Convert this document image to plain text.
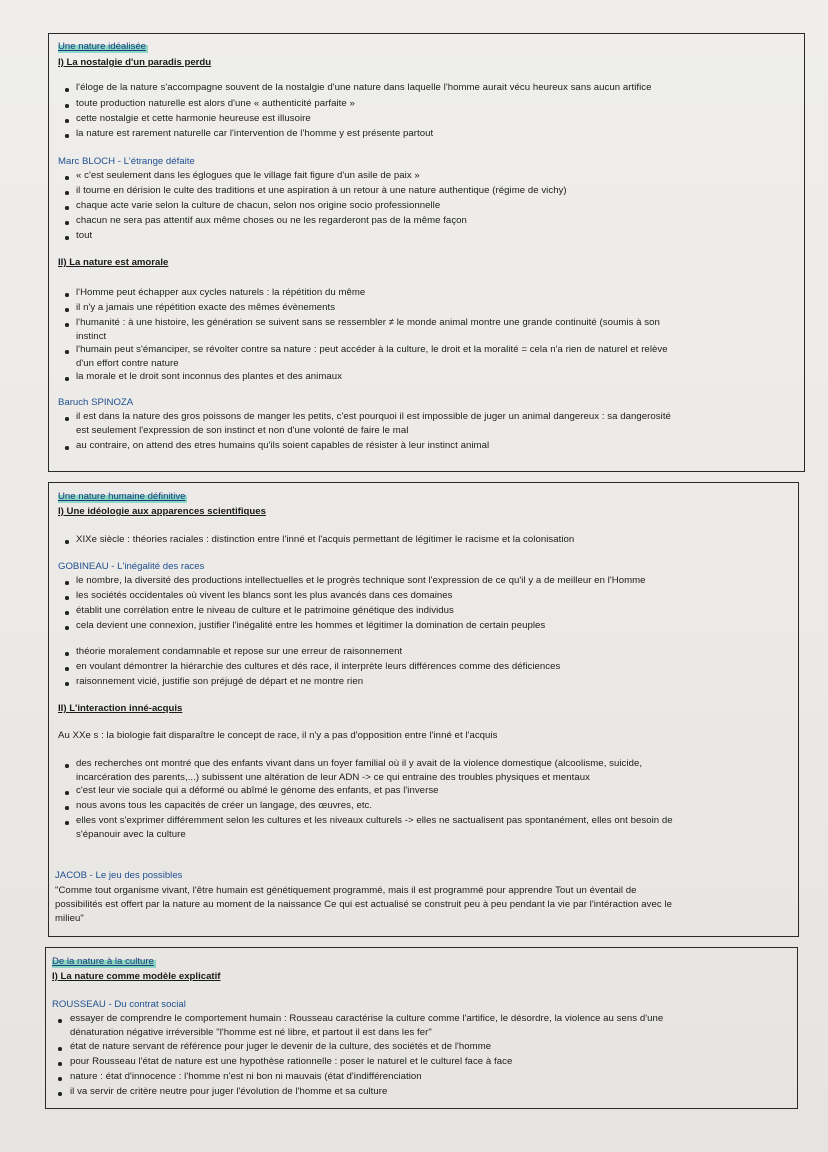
Une nature idéalisée
I) La nostalgie d'un paradis perdu
l'éloge de la nature s'accompagne souvent de la nostalgie d'une nature dans laquelle l'homme aurait vécu heureux sans aucun artifice
toute production naturelle est alors d'une « authenticité parfaite »
cette nostalgie et cette harmonie heureuse est illusoire
la nature est rarement naturelle car l'intervention de l'homme y est présente partout
Marc BLOCH - L'étrange défaite
« c'est seulement dans les églogues que le village fait figure d'un asile de paix »
il tourne en dérision le culte des traditions et une aspiration à un retour à une nature authentique (régime de vichy)
chaque acte varie selon la culture de chacun, selon nos origine socio professionnelle
chacun ne sera pas attentif aux même choses ou ne les regarderont pas de la même façon
tout
II) La nature est amorale
l'Homme peut échapper aux cycles naturels : la répétition du même
il n'y a jamais une répétition exacte des mêmes évènements
l'humanité : à une histoire, les génération se suivent sans se ressembler ≠ le monde animal montre une grande continuité (soumis à son
instinct
l'humain peut s'émanciper, se révolter contre sa nature : peut accéder à la culture, le droit et la moralité = cela n'a rien de naturel et relève
d'un effort contre nature
la morale et le droit sont inconnus des plantes et des animaux
Baruch SPINOZA
il est dans la nature des gros poissons de manger les petits, c'est pourquoi il est impossible de juger un animal dangereux : sa dangerosité
est seulement l'expression de son instinct et non d'une volonté de faire le mal
au contraire, on attend des etres humains qu'ils soient capables de résister à leur instinct animal
Une nature humaine définitive
I) Une idéologie aux apparences scientifiques
XIXe siècle : théories raciales : distinction entre l'inné et l'acquis permettant de légitimer le racisme et la colonisation
GOBINEAU - L'inégalité des races
le nombre, la diversité des productions intellectuelles et le progrès technique sont l'expression de ce qu'il y a de meilleur en l'Homme
les sociétés occidentales où vivent les blancs sont les plus avancés dans ces domaines
établit une corrélation entre le niveau de culture et le patrimoine génétique des individus
cela devient une connexion, justifier l'inégalité entre les hommes et légitimer la domination de certain peuples
théorie moralement condamnable et repose sur une erreur de raisonnement
en voulant démontrer la hiérarchie des cultures et dés race, il interprète leurs différences comme des déficiences
raisonnement vicié, justifie son préjugé de départ et ne montre rien
II) L'interaction inné-acquis
Au XXe s : la biologie fait disparaître le concept de race, il n'y a pas d'opposition entre l'inné et l'acquis
des recherches ont montré que des enfants vivant dans un foyer familial où il y avait de la violence domestique (alcoolisme, suicide,
incarcération des parents,...) subissent une altération de leur ADN -> ce qui entraine des troubles physiques et mentaux
c'est leur vie sociale qui a déformé ou abîmé le génome des enfants, et pas l'inverse
nous avons tous les capacités de créer un langage, des œuvres, etc.
elles vont s'exprimer différemment selon les cultures et les niveaux culturels -> elles ne sactualisent pas spontanément, elles ont besoin de
s'épanouir avec la culture
JACOB - Le jeu des possibles
"Comme tout organisme vivant, l'être humain est génétiquement programmé, mais il est programmé pour apprendre Tout un éventail de
possibilités est offert par la nature au moment de la naissance Ce qui est actualisé se construit peu à peu pendant la vie par l'intéraction avec le
milieu"
De la nature à la culture
I) La nature comme modèle explicatif
ROUSSEAU - Du contrat social
essayer de comprendre le comportement humain : Rousseau caractérise la culture comme l'artifice, le désordre, la violence au sens d'une
dénaturation négative irréversible "l'homme est né libre, et partout il est dans les fer"
état de nature servant de référence pour juger le devenir de la culture, des sociétés et de l'homme
pour Rousseau l'état de nature est une hypothèse rationnelle : poser le naturel et le culturel face à face
nature : état d'innocence : l'homme n'est ni bon ni mauvais (état d'indifférenciation
il va servir de critère neutre pour juger l'évolution de l'homme et sa culture
